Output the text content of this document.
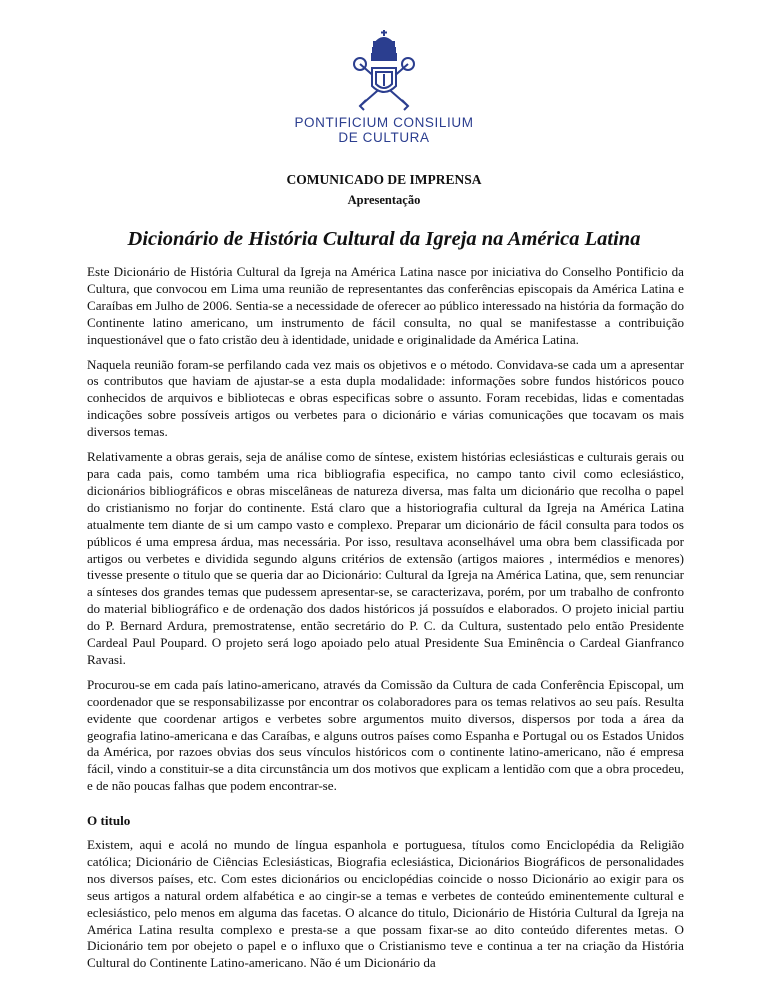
PONTIFICIUM CONSILIUM
DE CULTURA
COMUNICADO DE IMPRENSA
Apresentação
Dicionário de História Cultural da Igreja na América Latina

Este Dicionário de História Cultural da Igreja na América Latina nasce por iniciativa do Conselho Pontificio da Cultura, que convocou em Lima uma reunião de representantes das conferências episcopais da América Latina e Caraíbas em Julho de 2006. Sentia-se a necessidade de oferecer ao público interessado na história da formação do Continente latino americano, um instrumento de fácil consulta, no qual se manifestasse a contribuição inquestionável que o fato cristão deu à identidade, unidade e originalidade da América Latina.

Naquela reunião foram-se perfilando cada vez mais os objetivos e o método. Convidava-se cada um a apresentar os contributos que haviam de ajustar-se a esta dupla modalidade: informações sobre fundos históricos pouco conhecidos de arquivos e bibliotecas e obras especificas sobre o assunto. Foram recebidas, lidas e comentadas indicações sobre possíveis artigos ou verbetes para o dicionário e várias comunicações que tocavam os mais diversos temas.

Relativamente a obras gerais, seja de análise como de síntese, existem histórias eclesiásticas e culturais gerais ou para cada pais, como também uma rica bibliografia especifica, no campo tanto civil como eclesiástico, dicionários bibliográficos e obras miscelâneas de natureza diversa, mas falta um dicionário que recolha o papel do cristianismo no forjar do continente. Está claro que a historiografia cultural da Igreja na América Latina atualmente tem diante de si um campo vasto e complexo. Preparar um dicionário de fácil consulta para todos os públicos é uma empresa árdua, mas necessária. Por isso, resultava aconselhável uma obra bem classificada por artigos ou verbetes e dividida segundo alguns critérios de extensão (artigos maiores , intermédios e menores) tivesse presente o titulo que se queria dar ao Dicionário: Cultural da Igreja na América Latina, que, sem renunciar a sínteses dos grandes temas que pudessem apresentar-se, se caracterizava, porém, por um trabalho de confronto do material bibliográfico e de ordenação dos dados históricos já possuídos e elaborados. O projeto inicial partiu do P. Bernard Ardura, premostratense, então secretário do P. C. da Cultura, sustentado pelo então Presidente Cardeal Paul Poupard. O projeto será logo apoiado pelo atual Presidente Sua Eminência o Cardeal Gianfranco Ravasi.

Procurou-se em cada país latino-americano, através da Comissão da Cultura de cada Conferência Episcopal, um coordenador que se responsabilizasse por encontrar os colaboradores para os temas relativos ao seu país. Resulta evidente que coordenar artigos e verbetes sobre argumentos muito diversos, dispersos por toda a área da geografia latino-americana e das Caraíbas, e alguns outros países como Espanha e Portugal ou os Estados Unidos da América, por razoes obvias dos seus vínculos históricos com o continente latino-americano, não é empresa fácil, vindo a constituir-se a dita circunstância um dos motivos que explicam a lentidão com que a obra procedeu, e de não poucas falhas que podem encontrar-se.

O titulo

Existem, aqui e acolá no mundo de língua espanhola e portuguesa, títulos como Enciclopédia da Religião católica; Dicionário de Ciências Eclesiásticas, Biografia eclesiástica, Dicionários Biográficos de personalidades nos diversos países, etc. Com estes dicionários ou enciclopédias coincide o nosso Dicionário ao exigir para os seus artigos a natural ordem alfabética e ao cingir-se a temas e verbetes de conteúdo eminentemente cultural e eclesiástico, pelo menos em alguma das facetas. O alcance do titulo, Dicionário de História Cultural da Igreja na América Latina resulta complexo e presta-se a que possam fixar-se ao dito conteúdo diferentes metas. O Dicionário tem por obejeto o papel e o influxo que o Cristianismo teve e continua a ter na criação da História Cultural do Continente Latino-americano. Não é um Dicionário da
